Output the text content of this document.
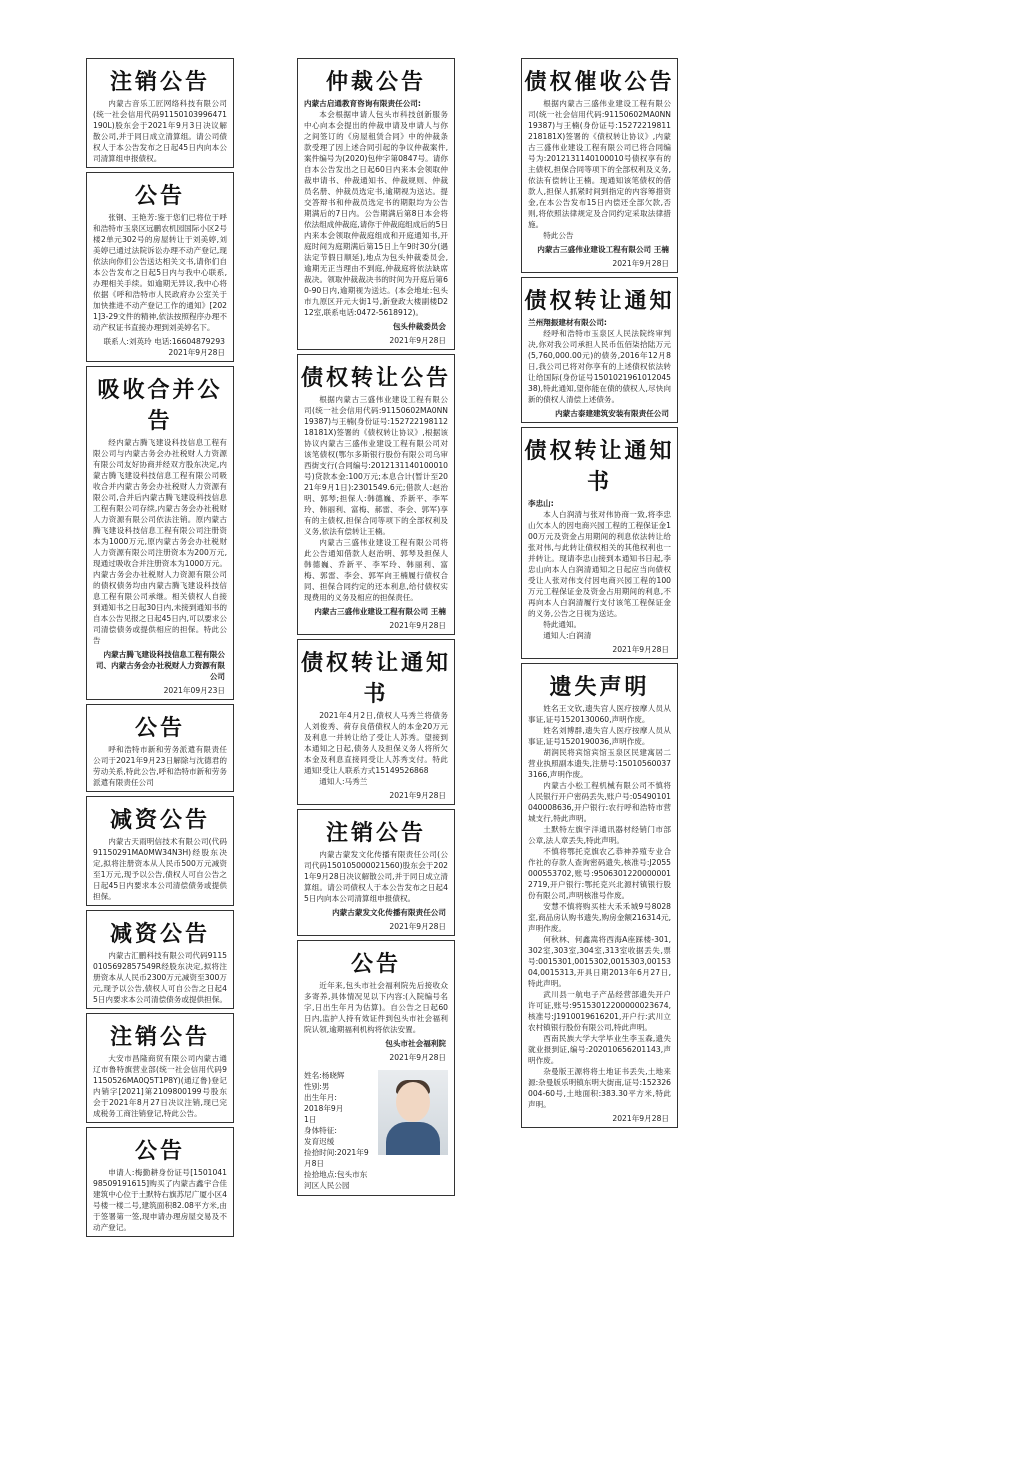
注销公告

内蒙古音乐工匠网络科技有限公司(统一社会信用代码91150103996471190L)股东会于2021年9月3日决议解散公司,并于同日成立清算组。请公司债权人于本公告发布之日起45日内向本公司清算组申报债权。

公告

张钢、王艳芳:鉴于您们已将位于呼和浩特市玉泉区远鹏农机园国际小区2号楼2单元302号的房屋转让于刘美婷,刘美婷已通过法院诉讼办理不动产登记,现依法向你们公告送达相关文书,请你们自本公告发布之日起5日内与我中心联系,办理相关手续。如逾期无异议,我中心将依据《呼和浩特市人民政府办公室关于加快推进不动产登记工作的通知》[2021]3-29文件的精神,依法按照程序办理不动产权证书直接办理到刘美婷名下。

联系人:刘英玲 电话:16604879293 2021年9月28日
吸收合并公告

经内蒙古腾飞建设科技信息工程有限公司与内蒙古务会办社税财人力资源有限公司友好协商并经双方股东决定,内蒙古腾飞建设科技信息工程有限公司吸收合并内蒙古务会办社税财人力资源有限公司,合并后内蒙古腾飞建设科技信息工程有限公司存续,内蒙古务会办社税财人力资源有限公司依法注销。原内蒙古腾飞建设科技信息工程有限公司注册资本为1000万元,原内蒙古务会办社税财人力资源有限公司注册资本为200万元,现通过吸收合并注册资本为1000万元。内蒙古务会办社税财人力资源有限公司的债权债务均由内蒙古腾飞建设科技信息工程有限公司承继。相关债权人自接到通知书之日起30日内,未接到通知书的自本公告见报之日起45日内,可以要求公司清偿债务或提供相应的担保。特此公告

内蒙古腾飞建设科技信息工程有限公司、内蒙古务会办社税财人力资源有限公司
2021年09月23日
公告

呼和浩特市新和劳务派遣有限责任公司于2021年9月23日解除与沈德君的劳动关系,特此公告,呼和浩特市新和劳务派遣有限责任公司

减资公告

内蒙古天雨明信技术有限公司(代码91150291MA0MW34N3H)经股东决定,拟将注册资本从人民币500万元减资至1万元,现予以公告,债权人可自公告之日起45日内要求本公司清偿债务或提供担保。

减资公告

内蒙古汇鹏科技有限公司代码91150105692857549R经股东决定,拟将注册资本从人民币2300万元减资至300万元,现予以公告,债权人可自公告之日起45日内要求本公司清偿债务或提供担保。

注销公告

大安市昌隆商贸有限公司内蒙古通辽市鲁特旗营业部(统一社会信用代码91150526MA0Q5T1P8Y)(通辽鲁)登记内销字[2021]第2109800199号股东会于2021年8月27日决议注销,现已完成税务工商注销登记,特此公告。

公告

申请人:梅勤耕身份证号[150104198509191615]购买了内蒙古鑫宇合佳建筑中心位于土默特右旗苏尼广厦小区4号楼一楼二号,建筑面积82.08平方米,由于签署第一签,现申请办理房屋交易及不动产登记。

仲裁公告

内蒙古启通教育咨询有限责任公司:

本会根据申请人包头市科技创新服务中心向本会提出的仲裁申请及申请人与你之间签订的《房屋租赁合同》中的仲裁条款受理了因上述合同引起的争议仲裁案件,案件编号为(2020)包仲字第0847号。请你自本公告发出之日起60日内来本会领取仲裁申请书、仲裁通知书、仲裁规则、仲裁员名册、仲裁员选定书,逾期视为送达。提交答辩书和仲裁员选定书的期限均为公告期满后的7日内。公告期满后第8日本会将依法组成仲裁庭,请你于仲裁庭组成后的5日内来本会领取仲裁庭组成和开庭通知书,开庭时间为庭期满后第15日上午9时30分(遇法定节假日顺延),地点为包头仲裁委员会,逾期无正当理由不到庭,仲裁庭将依法缺席裁决。领取仲裁裁决书的时间为开庭后第60-90日内,逾期视为送达。(本会地址:包头市九原区开元大街1号,新登政大楼副楼D212室,联系电话:0472-5618912)。

包头仲裁委员会
2021年9月28日
债权转让公告

根据内蒙古三盛伟业建设工程有限公司(统一社会信用代码:91150602MA0NN19387)与王楠(身份证号:15272219811218181X)签署的《债权转让协议》,根据该协议内蒙古三盛伟业建设工程有限公司对该笔债权(鄂尔多斯银行股份有限公司乌审西街支行(合同编号:2012131140100010号)贷款本金:100万元;本息合计(暂计至2021年9月1日):2301549.6元;借款人:赵治明、郭琴;担保人:韩德巍、乔新平、李军玲、韩丽利、富梅、郝雷、李会、郭军)享有的主债权,担保合同等项下的全部权利及义务,依法有偿转让王楠。

内蒙古三盛伟业建设工程有限公司将此公告通知借款人赵治明、郭琴及担保人韩德巍、乔新平、李军玲、韩丽利、富梅、郭雷、李会、郭军向王楠履行债权合同、担保合同约定的还本利息,给付债权实现费用的义务及相应的担保责任。

内蒙古三盛伟业建设工程有限公司 王楠
2021年9月28日
债权转让通知书

2021年4月2日,债权人马秀兰将债务人刘俊秀、荷存良借债权人的本金20万元及利息一并转让给了受让人苏秀。望接到本通知之日起,债务人及担保义务人将所欠本金及利息直接同受让人苏秀支付。特此通知!受让人联系方式15149526868

通知人:马秀兰

2021年9月28日
注销公告

内蒙古蒙发文化传播有限责任公司(公司代码150105000021560)股东会于2021年9月28日决议解散公司,并于同日成立清算组。请公司债权人于本公告发布之日起45日内向本公司清算组申报债权。

内蒙古蒙发文化传播有限责任公司
2021年9月28日
公告

近年来,包头市社会福利院先后接收众多寄养,具体情况见以下内容:(入院编号名字,日出生年月为估算)。自公告之日起60日内,监护人持有效证件到包头市社会福利院认领,逾期福利机构将依法安置。

包头市社会福利院
2021年9月28日
姓名:杨晓辉
性别:男
出生年月:
2018年9月
1日
身体特征:
发育迟缓
捡拾时间:2021年9月8日
捡拾地点:包头市东河区人民公园
债权催收公告

根据内蒙古三盛伟业建设工程有限公司(统一社会信用代码:91150602MA0NN19387)与王楠(身份证号:15272219811218181X)签署的《债权转让协议》,内蒙古三盛伟业建设工程有限公司已将合同编号为:2012131140100010号债权享有的主债权,担保合同等项下的全部权利及义务,依法有偿转让王楠。现通知该笔债权的借款人,担保人抓紧时间到指定的内容筹措资金,在本公告发布15日内偿还全部欠款,否则,将依照法律规定及合同约定采取法律措施。

特此公告

内蒙古三盛伟业建设工程有限公司 王楠
2021年9月28日
债权转让通知

兰州翔振建材有限公司:

经呼和浩特市玉泉区人民法院终审判决,你对我公司承担人民币伍佰柒拾陆万元(5,760,000.00元)的债务,2016年12月8日,我公司已将对你享有的上述债权依法转让给国际(身份证号150102196101204538),特此通知,望你能在债的债权人,尽快向新的债权人清偿上述债务。

内蒙古泰建建筑安装有限责任公司
债权转让通知书

李忠山:

本人白润清与张对伟协商一致,将李忠山欠本人的因电商兴园工程的工程保证金100万元及资金占用期间的利息依法转让给张对伟,与此转让债权相关的其他权利也一并转让。现请李忠山接到本通知书日起,李忠山向本人白润清通知之日起应当向债权受让人张对伟支付因电商兴园工程的100万元工程保证金及资金占用期间的利息,不再向本人白润清履行支付该笔工程保证金的义务,公告之日视为送达。

特此通知。

通知人:白润清

2021年9月28日
遗失声明

姓名王文钦,遗失宫人医疗按摩人员从事证,证号1520130060,声明作废。

姓名刘博群,遗失宫人医疗按摩人员从事证,证号1520190036,声明作废。

胡润民将宾馆宾馆玉泉区民建寓居二营业执照副本遗失,注册号:150105600373166,声明作废。

内蒙古小松工程机械有限公司不慎将人民银行开户密码丢失,账户号:05490101040008636,开户银行:农行呼和浩特市营城支行,特此声明。

土默特左旗宇洋通讯器材经销门市部公章,法人章丢失,特此声明。

不慎将鄂托克旗农乙恭神养殖专业合作社的存款人查询密码遗失,核准号:J2055000553702,账号:95063012200000012719,开户银行:鄂托克兴北源村镇银行股份有限公司,声明核准号作废。

安慧不慎将购买桂大禾禾城9号8028室,商品房认购书遗失,购房金额216314元,声明作废。

何秋林、何鑫嵩将西海A座踩楼-301,302室,303室,304室,313室收据丢失,票号:0015301,0015302,0015303,0015304,0015313,开具日期2013年6月27日,特此声明。

武川县一航电子产品经营部遗失开户许可证,账号:95153012200000023674,核准号:J1910019616201,开户行:武川立农村镇银行股份有限公司,特此声明。

西南民族大学大学毕业生李玉森,遗失就业报到证,编号:202010656201143,声明作废。

杂曼版王源将将土地证书丢失,土地来源:杂曼版乐明镇东明大街南,证号:152326004-60号,土地面积:383.30平方米,特此声明。

2021年9月28日
